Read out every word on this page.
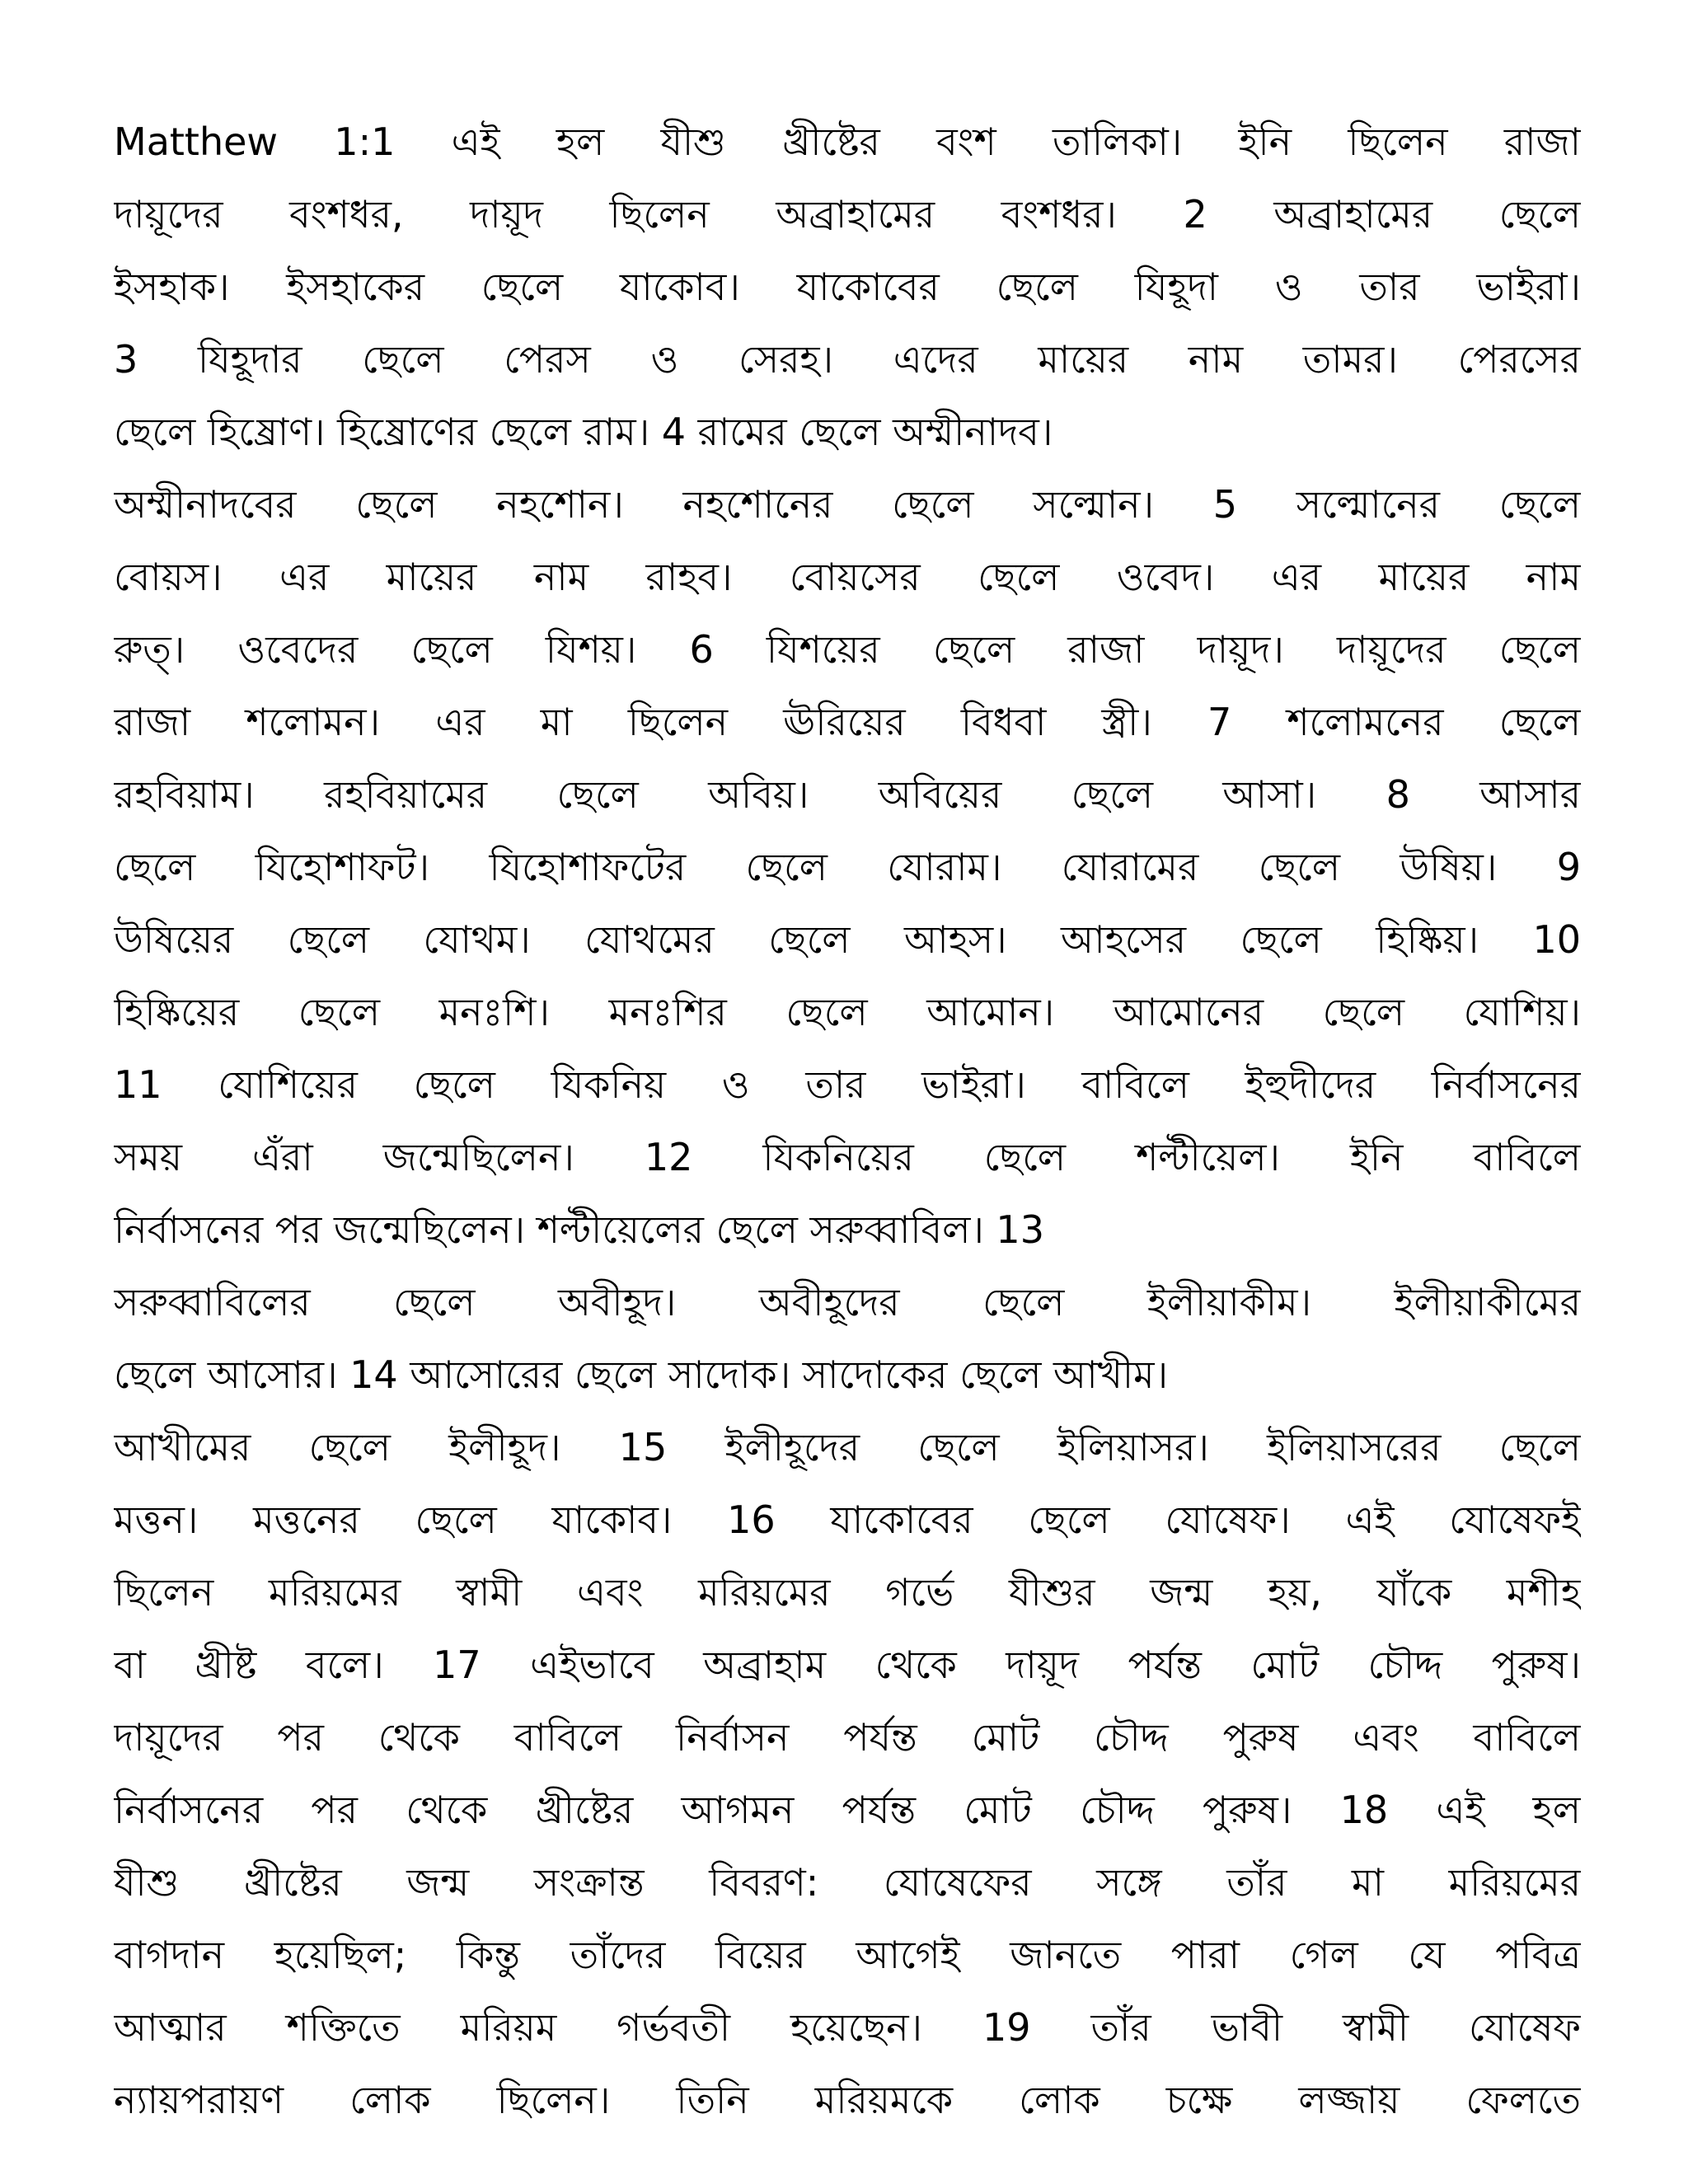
Matthew 1:1 এই হল যীশু খ্রীষ্টের বংশ তালিকা। ইনি ছিলেন রাজা
দায়ূদের বংশধর, দায়ূদ ছিলেন অব্রাহামের বংশধর। 2 অব্রাহামের ছেলে
ইসহাক। ইসহাকের ছেলে যাকোব। যাকোবের ছেলে যিহূদা ও তার ভাইরা।
3 যিহূদার ছেলে পেরস ও সেরহ। এদের মায়ের নাম তামর। পেরসের
ছেলে হিষ্রোণ। হিষ্রোণের ছেলে রাম। 4 রামের ছেলে অম্মীনাদব।
অম্মীনাদবের ছেলে নহশোন। নহশোনের ছেলে সল্মোন। 5 সল্মোনের ছেলে
বোয়স। এর মায়ের নাম রাহব। বোয়সের ছেলে ওবেদ। এর মায়ের নাম
রুত্। ওবেদের ছেলে যিশয়। 6 যিশয়ের ছেলে রাজা দায়ূদ। দায়ূদের ছেলে
রাজা শলোমন। এর মা ছিলেন ঊরিয়ের বিধবা স্ত্রী। 7 শলোমনের ছেলে
রহবিয়াম। রহবিয়ামের ছেলে অবিয়। অবিয়ের ছেলে আসা। 8 আসার
ছেলে যিহোশাফট। যিহোশাফটের ছেলে যোরাম। যোরামের ছেলে উষিয়। 9
উষিয়ের ছেলে যোথম। যোথমের ছেলে আহস। আহসের ছেলে হিষ্কিয়। 10
হিষ্কিয়ের ছেলে মনঃশি। মনঃশির ছেলে আমোন। আমোনের ছেলে যোশিয়।
11 যোশিয়ের ছেলে যিকনিয় ও তার ভাইরা। বাবিলে ইহুদীদের নির্বাসনের
সময় এঁরা জন্মেছিলেন। 12 যিকনিয়ের ছেলে শল্টীয়েল। ইনি বাবিলে
নির্বাসনের পর জন্মেছিলেন। শল্টীয়েলের ছেলে সরুব্বাবিল। 13
সরুব্বাবিলের ছেলে অবীহূদ। অবীহূদের ছেলে ইলীয়াকীম। ইলীয়াকীমের
ছেলে আসোর। 14 আসোরের ছেলে সাদোক। সাদোকের ছেলে আখীম।
আখীমের ছেলে ইলীহূদ। 15 ইলীহূদের ছেলে ইলিয়াসর। ইলিয়াসরের ছেলে
মত্তন। মত্তনের ছেলে যাকোব। 16 যাকোবের ছেলে যোষেফ। এই যোষেফই
ছিলেন মরিয়মের স্বামী এবং মরিয়মের গর্ভে যীশুর জন্ম হয়, যাঁকে মশীহ
বা খ্রীষ্ট বলে। 17 এইভাবে অব্রাহাম থেকে দায়ূদ পর্যন্ত মোট চৌদ্দ পুরুষ।
দায়ূদের পর থেকে বাবিলে নির্বাসন পর্যন্ত মোট চৌদ্দ পুরুষ এবং বাবিলে
নির্বাসনের পর থেকে খ্রীষ্টের আগমন পর্যন্ত মোট চৌদ্দ পুরুষ। 18 এই হল
যীশু খ্রীষ্টের জন্ম সংক্রান্ত বিবরণ: যোষেফের সঙ্গে তাঁর মা মরিয়মের
বাগদান হয়েছিল; কিন্তু তাঁদের বিয়ের আগেই জানতে পারা গেল যে পবিত্র
আত্মার শক্তিতে মরিয়ম গর্ভবতী হয়েছেন। 19 তাঁর ভাবী স্বামী যোষেফ
ন্যায়পরায়ণ লোক ছিলেন। তিনি মরিয়মকে লোক চক্ষে লজ্জায় ফেলতে
